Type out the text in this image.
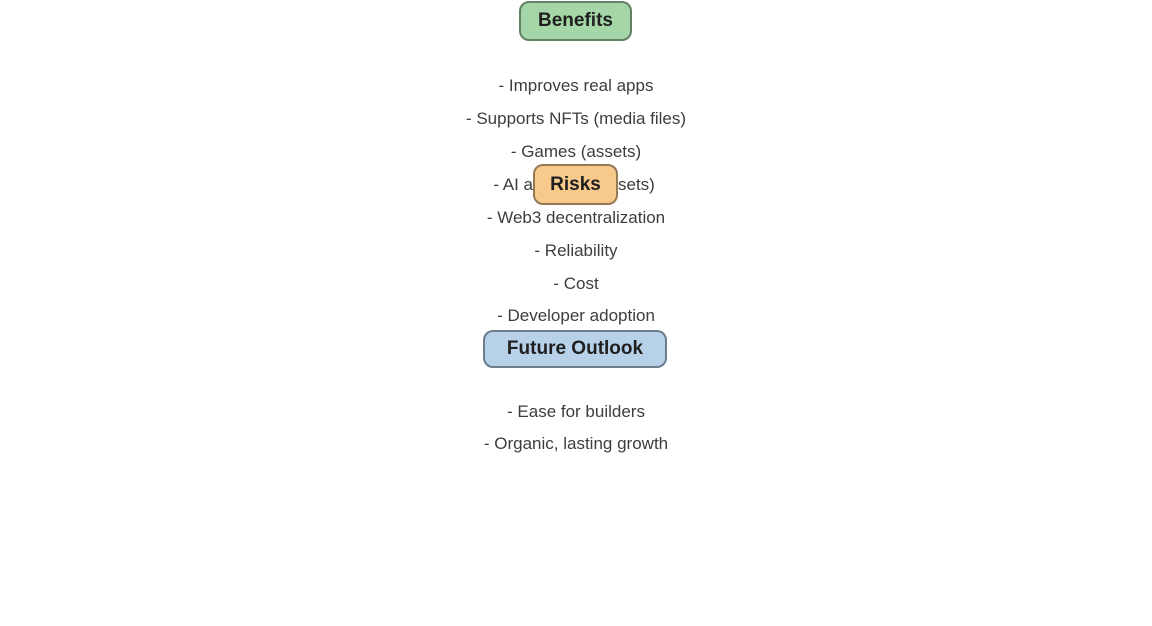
Benefits
- Improves real apps
- Supports NFTs (media files)
- Games (assets)
- AI a	sets)
Risks
- Web3 decentralization
- Reliability
- Cost
- Developer adoption
Future Outlook
- Ease for builders
- Organic, lasting growth
